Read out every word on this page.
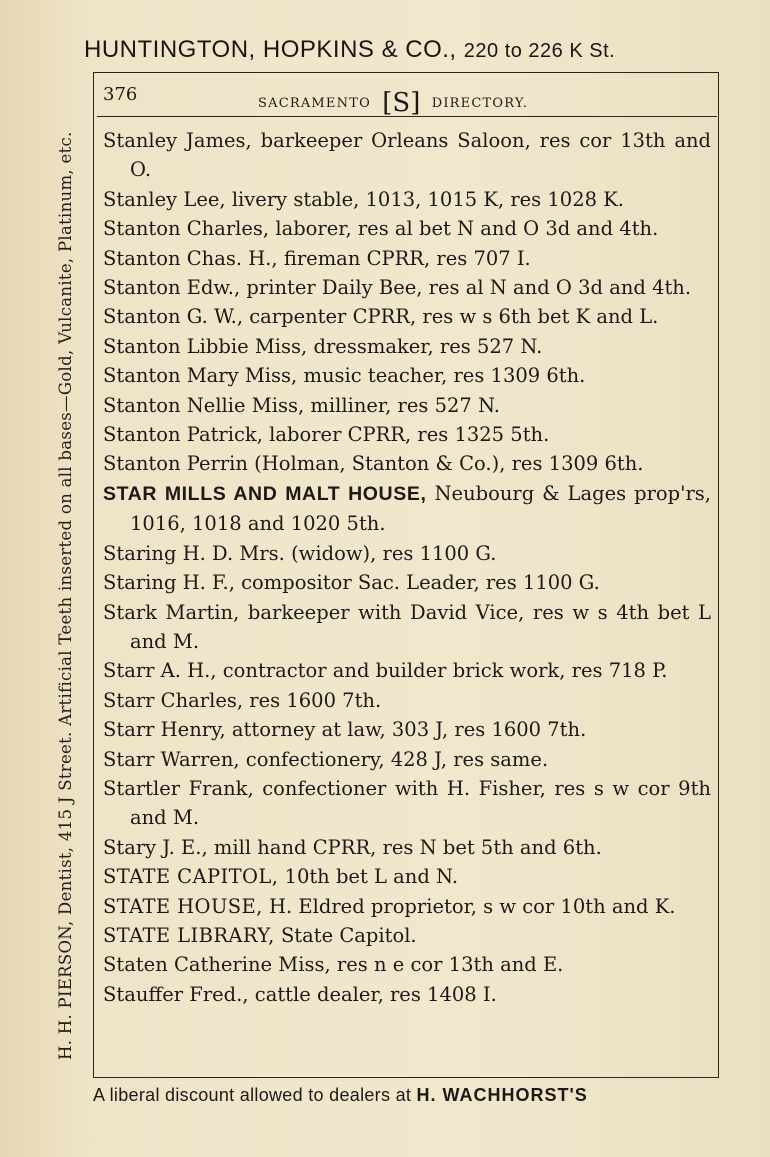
HUNTINGTON, HOPKINS & CO., 220 to 226 K St.
H. H. PIERSON, Dentist, 415 J Street. Artificial Teeth inserted on all bases—Gold, Vulcanite, Platinum, etc.
376	SACRAMENTO [S] DIRECTORY.

Stanley James, barkeeper Orleans Saloon, res cor 13th and O.

Stanley Lee, livery stable, 1013, 1015 K, res 1028 K.

Stanton Charles, laborer, res al bet N and O 3d and 4th.

Stanton Chas. H., fireman CPRR, res 707 I.

Stanton Edw., printer Daily Bee, res al N and O 3d and 4th.

Stanton G. W., carpenter CPRR, res w s 6th bet K and L.

Stanton Libbie Miss, dressmaker, res 527 N.

Stanton Mary Miss, music teacher, res 1309 6th.

Stanton Nellie Miss, milliner, res 527 N.

Stanton Patrick, laborer CPRR, res 1325 5th.

Stanton Perrin (Holman, Stanton & Co.), res 1309 6th.

STAR MILLS AND MALT HOUSE, Neubourg & Lages prop'rs, 1016, 1018 and 1020 5th.

Staring H. D. Mrs. (widow), res 1100 G.

Staring H. F., compositor Sac. Leader, res 1100 G.

Stark Martin, barkeeper with David Vice, res w s 4th bet L and M.

Starr A. H., contractor and builder brick work, res 718 P.

Starr Charles, res 1600 7th.

Starr Henry, attorney at law, 303 J, res 1600 7th.

Starr Warren, confectionery, 428 J, res same.

Startler Frank, confectioner with H. Fisher, res s w cor 9th and M.

Stary J. E., mill hand CPRR, res N bet 5th and 6th.

STATE CAPITOL, 10th bet L and N.

STATE HOUSE, H. Eldred proprietor, s w cor 10th and K.

STATE LIBRARY, State Capitol.

Staten Catherine Miss, res n e cor 13th and E.

Stauffer Fred., cattle dealer, res 1408 I.

A liberal discount allowed to dealers at H. WACHHORST'S
